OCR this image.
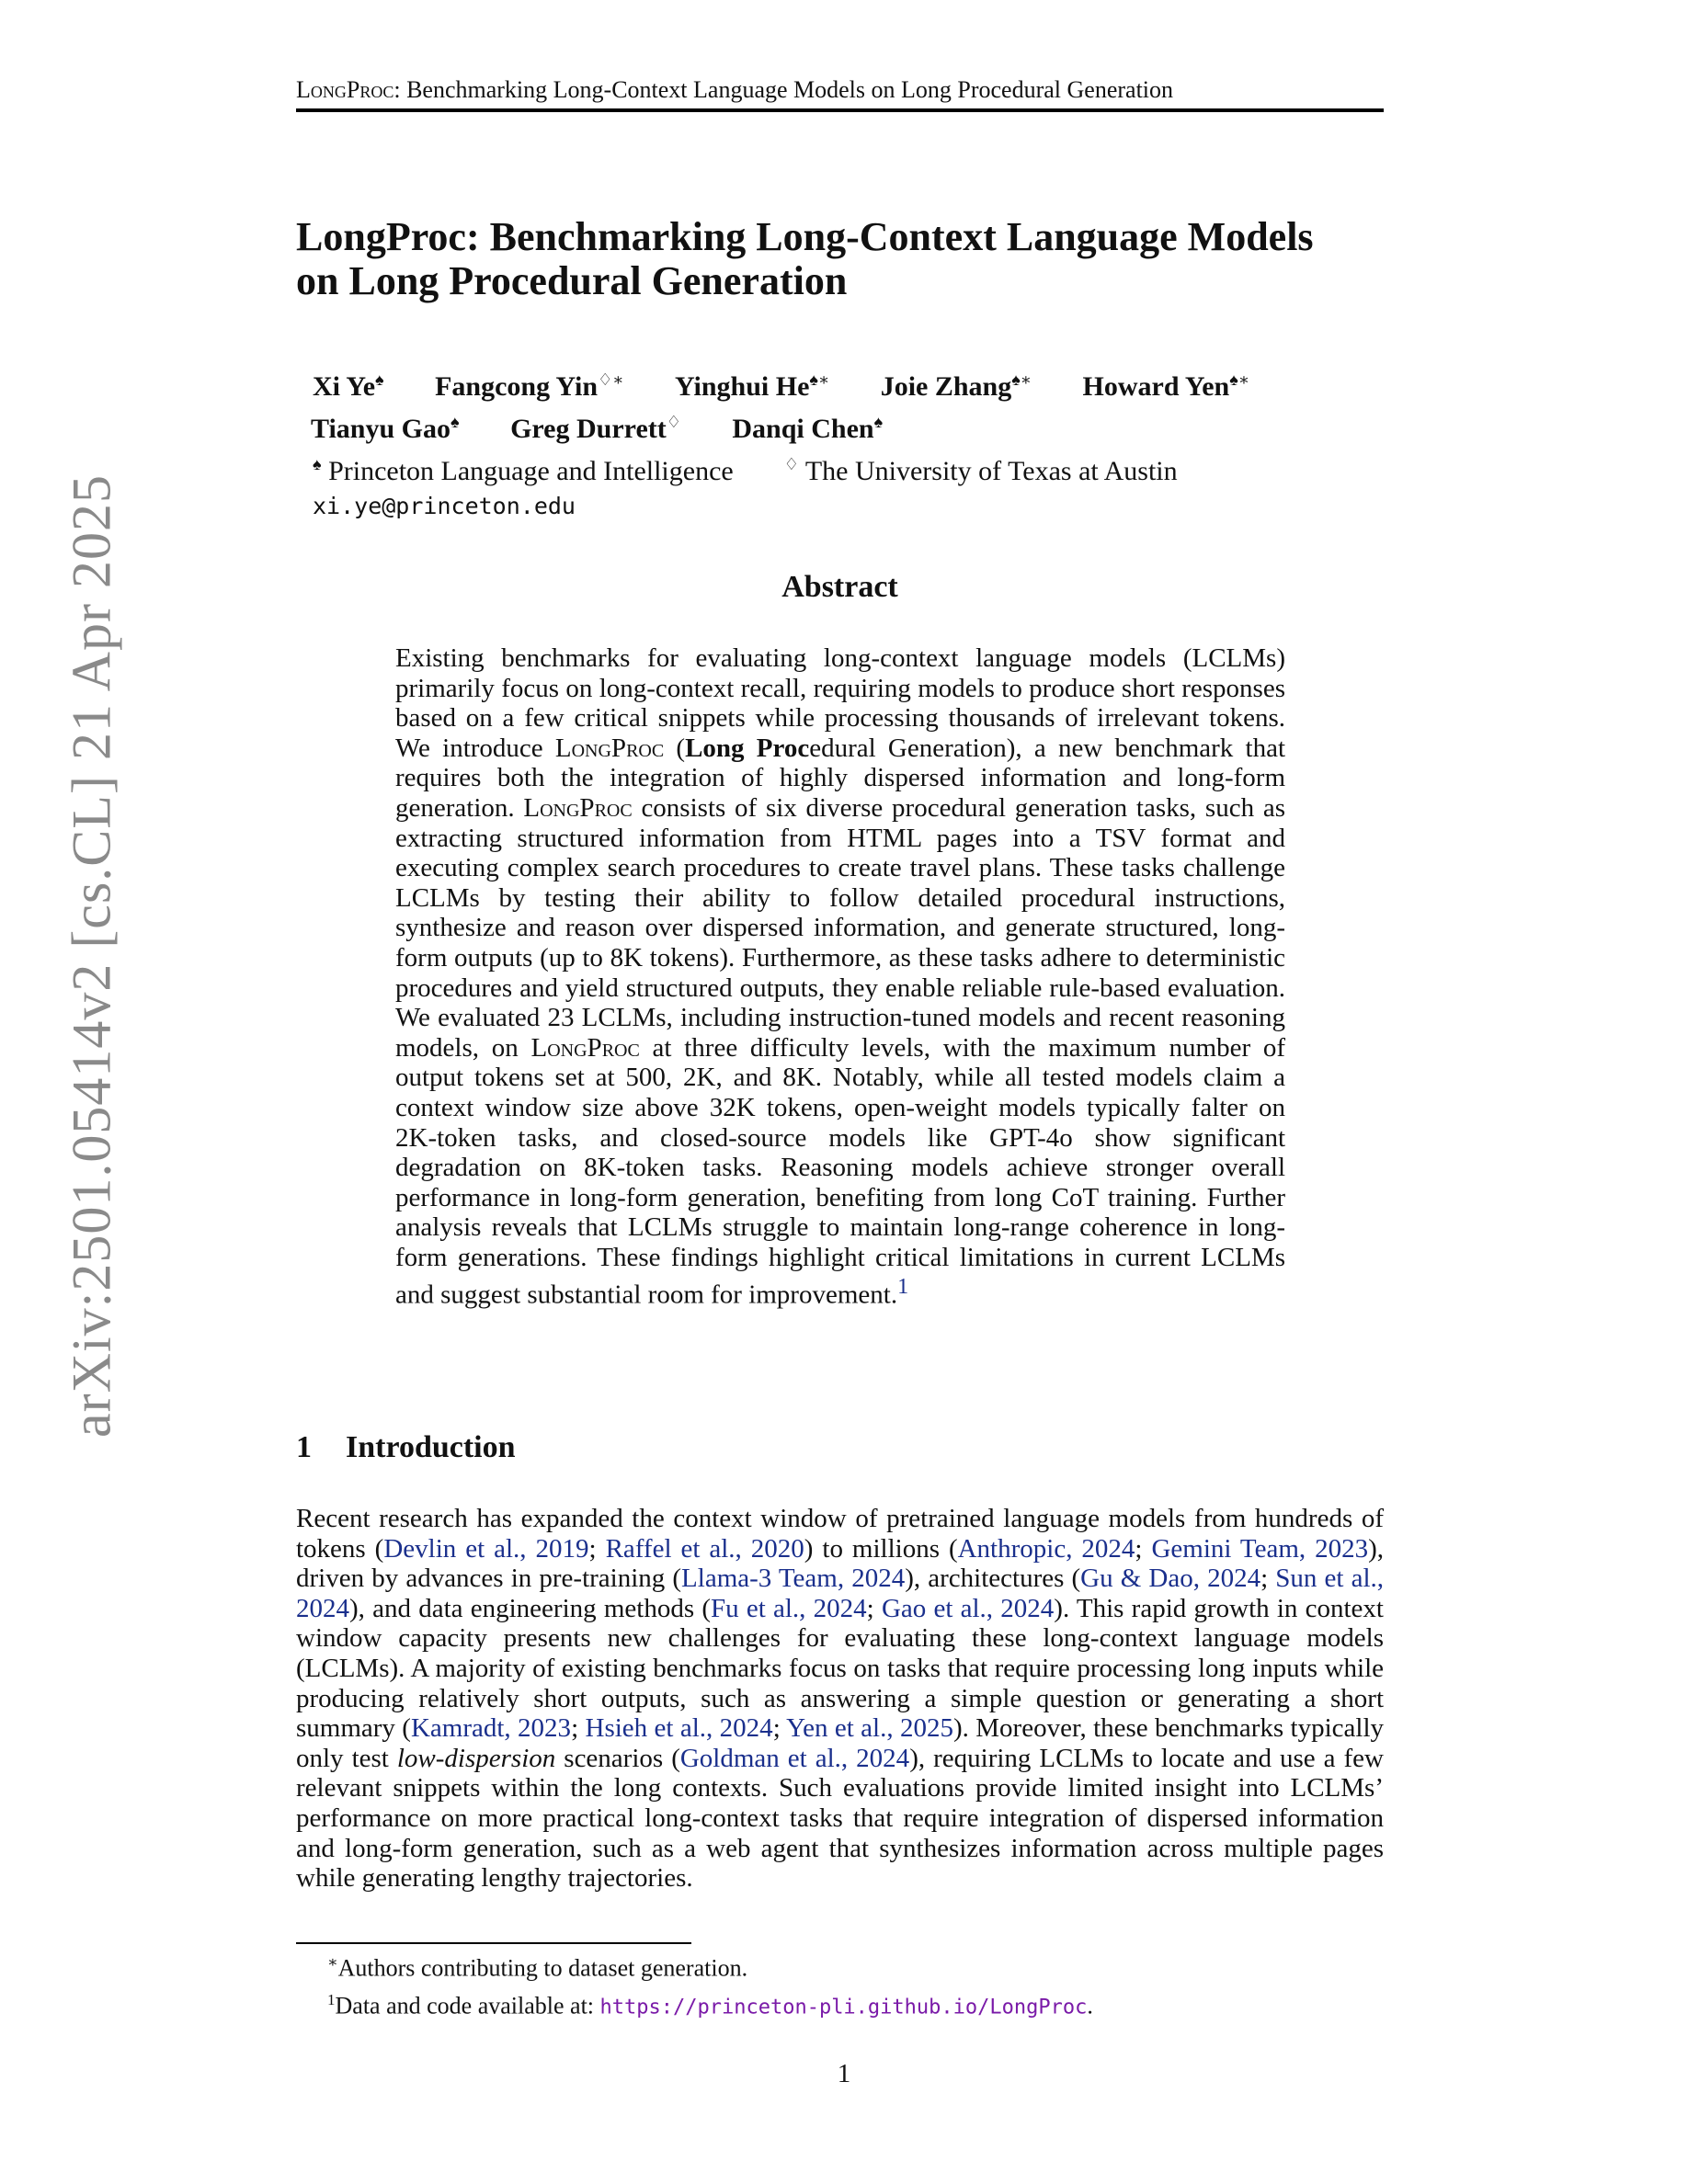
LongProc: Benchmarking Long-Context Language Models on Long Procedural Generation
LongProc: Benchmarking Long-Context Language Models
on Long Procedural Generation
Xi Ye♠ Fangcong Yin♢∗ Yinghui He♠∗ Joie Zhang♠∗ Howard Yen♠∗
Tianyu Gao♠ Greg Durrett♢ Danqi Chen♠
♠ Princeton Language and Intelligence	♢ The University of Texas at Austin
xi.ye@princeton.edu
Abstract
Existing benchmarks for evaluating long-context language models (LCLMs) primarily focus on long-context recall, requiring models to produce short responses based on a few critical snippets while processing thousands of irrelevant tokens. We introduce LongProc (Long Procedural Generation), a new benchmark that requires both the integration of highly dispersed information and long-form generation. LongProc consists of six diverse procedural generation tasks, such as extracting structured information from HTML pages into a TSV format and executing complex search procedures to create travel plans. These tasks challenge LCLMs by testing their ability to follow detailed procedural instructions, synthesize and reason over dispersed information, and generate structured, long-form outputs (up to 8K tokens). Furthermore, as these tasks adhere to deterministic procedures and yield structured outputs, they enable reliable rule-based evaluation. We evaluated 23 LCLMs, including instruction-tuned models and recent reasoning models, on LongProc at three difficulty levels, with the maximum number of output tokens set at 500, 2K, and 8K. Notably, while all tested models claim a context window size above 32K tokens, open-weight models typically falter on 2K-token tasks, and closed-source models like GPT-4o show significant degradation on 8K-token tasks. Reasoning models achieve stronger overall performance in long-form generation, benefiting from long CoT training. Further analysis reveals that LCLMs struggle to maintain long-range coherence in long-form generations. These findings highlight critical limitations in current LCLMs and suggest substantial room for improvement.$^1$
1 Introduction
Recent research has expanded the context window of pretrained language models from hundreds of tokens (Devlin et al., 2019; Raffel et al., 2020) to millions (Anthropic, 2024; Gemini Team, 2023), driven by advances in pre-training (Llama-3 Team, 2024), architectures (Gu & Dao, 2024; Sun et al., 2024), and data engineering methods (Fu et al., 2024; Gao et al., 2024). This rapid growth in context window capacity presents new challenges for evaluating these long-context language models (LCLMs). A majority of existing benchmarks focus on tasks that require processing long inputs while producing relatively short outputs, such as answering a simple question or generating a short summary (Kamradt, 2023; Hsieh et al., 2024; Yen et al., 2025). Moreover, these benchmarks typically only test low-dispersion scenarios (Goldman et al., 2024), requiring LCLMs to locate and use a few relevant snippets within the long contexts. Such evaluations provide limited insight into LCLMs’ performance on more practical long-context tasks that require integration of dispersed information and long-form generation, such as a web agent that synthesizes information across multiple pages while generating lengthy trajectories.
∗Authors contributing to dataset generation.
$^1$Data and code available at: https://princeton-pli.github.io/LongProc.
1
arXiv:2501.05414v2 [cs.CL] 21 Apr 2025
